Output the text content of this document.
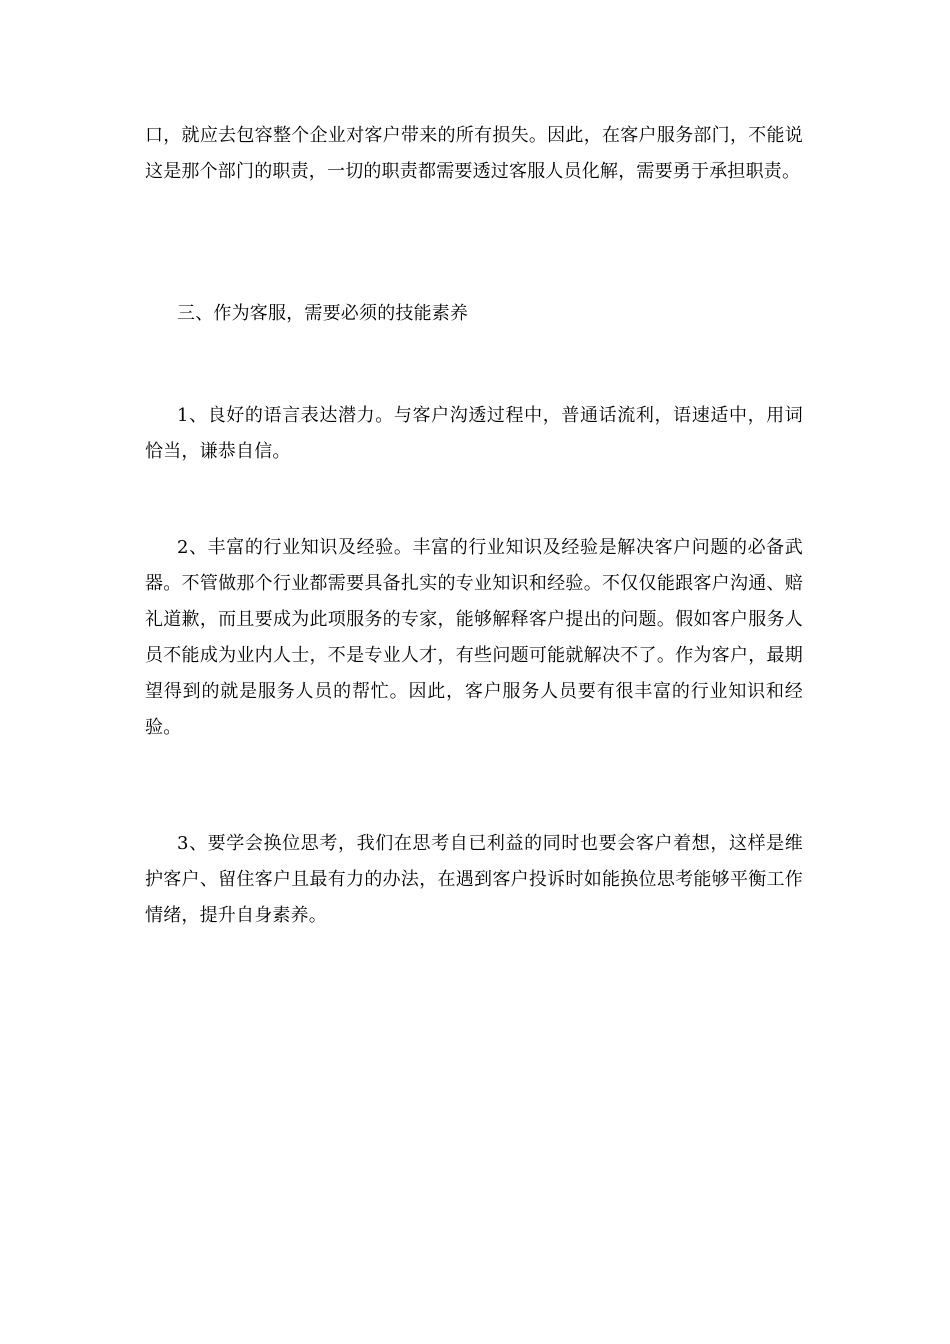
口，就应去包容整个企业对客户带来的所有损失。因此，在客户服务部门，不能说这是那个部门的职责，一切的职责都需要透过客服人员化解，需要勇于承担职责。

三、作为客服，需要必须的技能素养

1、良好的语言表达潜力。与客户沟透过程中，普通话流利，语速适中，用词恰当，谦恭自信。

2、丰富的行业知识及经验。丰富的行业知识及经验是解决客户问题的必备武器。不管做那个行业都需要具备扎实的专业知识和经验。不仅仅能跟客户沟通、赔礼道歉，而且要成为此项服务的专家，能够解释客户提出的问题。假如客户服务人员不能成为业内人士，不是专业人才，有些问题可能就解决不了。作为客户，最期望得到的就是服务人员的帮忙。因此，客户服务人员要有很丰富的行业知识和经验。

3、要学会换位思考，我们在思考自已利益的同时也要会客户着想，这样是维护客户、留住客户且最有力的办法，在遇到客户投诉时如能换位思考能够平衡工作情绪，提升自身素养。
